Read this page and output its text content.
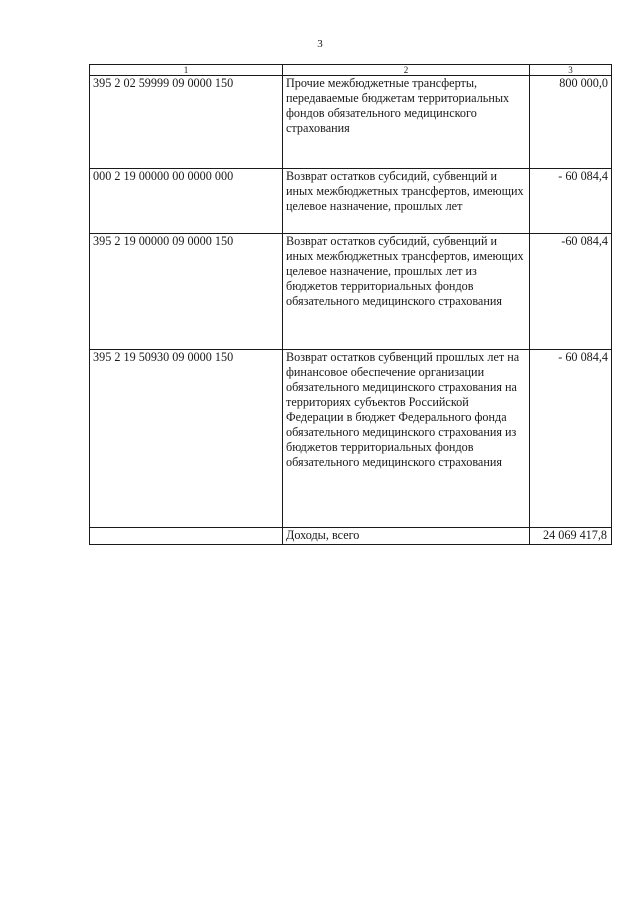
3
1	2	3
395 2 02 59999 09 0000 150	Прочие межбюджетные трансферты, передаваемые бюджетам территориальных фондов обязательного медицинского страхования	800 000,0
000 2 19 00000 00 0000 000	Возврат остатков субсидий, субвенций и иных межбюджетных трансфертов, имеющих целевое назначение, прошлых лет	- 60 084,4
395 2 19 00000 09 0000 150	Возврат остатков субсидий, субвенций и иных межбюджетных трансфертов, имеющих целевое назначение, прошлых лет из бюджетов территориальных фондов обязательного медицинского страхования	-60 084,4
395 2 19 50930 09 0000 150	Возврат остатков субвенций прошлых лет на финансовое обеспечение организации обязательного медицинского страхования на территориях субъектов Российской Федерации в бюджет Федерального фонда обязательного медицинского страхования из бюджетов территориальных фондов обязательного медицинского страхования	- 60 084,4
	Доходы, всего	24 069 417,8
